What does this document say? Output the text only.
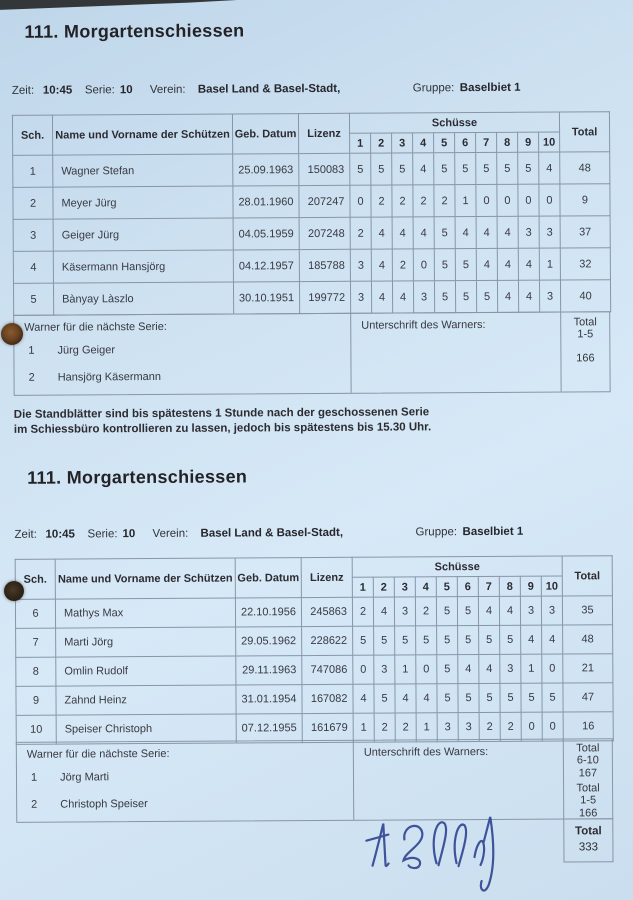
111. Morgartenschiessen
Zeit: 10:45 Serie: 10 Verein: Basel Land & Basel-Stadt,	Gruppe: Baselbiet 1
Sch.	Name und Vorname der Schützen	Geb. Datum	Lizenz	Schüsse										Total
				1	2	3	4	5	6	7	8	9	10	
1	Wagner Stefan	25.09.1963	150083	5	5	5	4	5	5	5	5	5	4	48
2	Meyer Jürg	28.01.1960	207247	0	2	2	2	2	1	0	0	0	0	9
3	Geiger Jürg	04.05.1959	207248	2	4	4	4	5	4	4	4	3	3	37
4	Käsermann Hansjörg	04.12.1957	185788	3	4	2	0	5	5	4	4	4	1	32
5	Bànyay Làszlo	30.10.1951	199772	3	4	4	3	5	5	5	4	4	3	40
Warner für die nächste Serie:
1 Jürg Geiger
2 Hansjörg Käsermann
Unterschrift des Warners:	Total
1-5
166
Die Standblätter sind bis spätestens 1 Stunde nach der geschossenen Serie
im Schiessbüro kontrollieren zu lassen, jedoch bis spätestens bis 15.30 Uhr.
111. Morgartenschiessen
Zeit: 10:45 Serie: 10 Verein: Basel Land & Basel-Stadt,	Gruppe: Baselbiet 1
Sch.	Name und Vorname der Schützen	Geb. Datum	Lizenz	Schüsse										Total
				1	2	3	4	5	6	7	8	9	10	
6	Mathys Max	22.10.1956	245863	2	4	3	2	5	5	4	4	3	3	35
7	Marti Jörg	29.05.1962	228622	5	5	5	5	5	5	5	5	4	4	48
8	Omlin Rudolf	29.11.1963	747086	0	3	1	0	5	4	4	3	1	0	21
9	Zahnd Heinz	31.01.1954	167082	4	5	4	4	5	5	5	5	5	5	47
10	Speiser Christoph	07.12.1955	161679	1	2	2	1	3	3	2	2	0	0	16
Warner für die nächste Serie:
1 Jörg Marti
2 Christoph Speiser
Unterschrift des Warners:	Total
6-10
167
Total
1-5
166
Total
333
